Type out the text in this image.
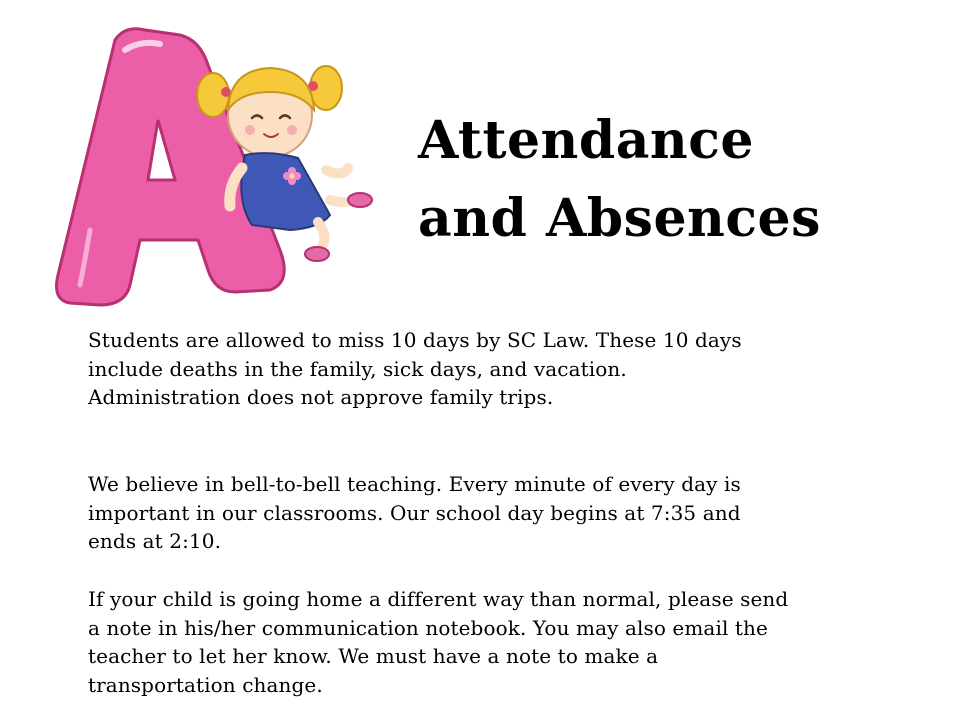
Attendance
and Absences

Students are allowed to miss 10 days by SC Law. These 10 days
include deaths in the family, sick days, and vacation.
Administration does not approve family trips.

We believe in bell-to-bell teaching. Every minute of every day is
important in our classrooms. Our school day begins at 7:35 and
ends at 2:10.

If your child is going home a different way than normal, please send
a note in his/her communication notebook. You may also email the
teacher to let her know. We must have a note to make a
transportation change.
